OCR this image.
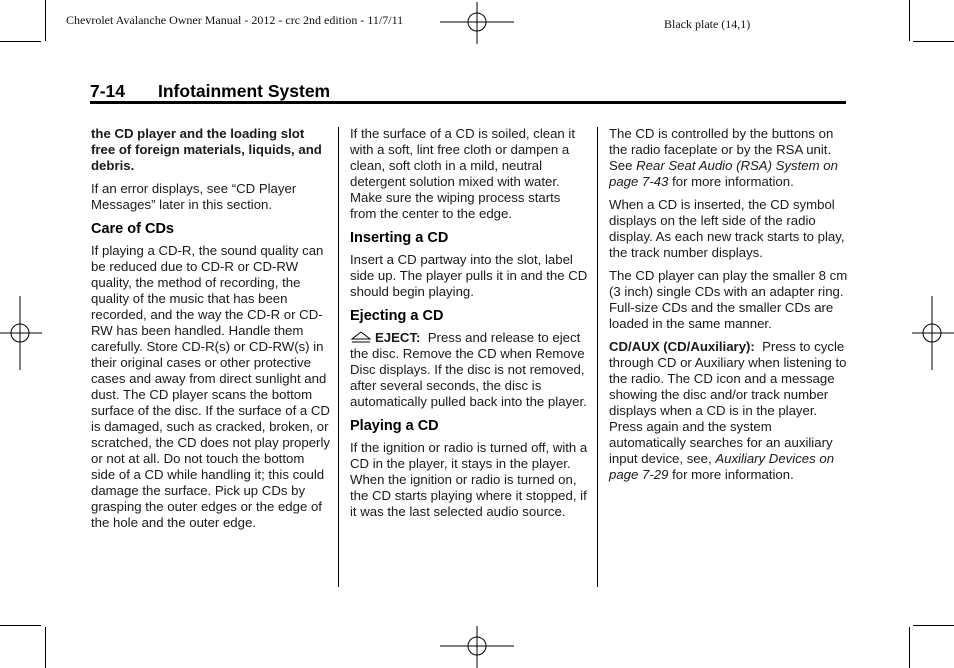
Chevrolet Avalanche Owner Manual - 2012 - crc 2nd edition - 11/7/11	Black plate (14,1)
7-14 Infotainment System

the CD player and the loading slot free of foreign materials, liquids, and debris.

If an error displays, see “CD Player Messages” later in this section.

Care of CDs

If playing a CD-R, the sound quality can be reduced due to CD-R or CD-RW quality, the method of recording, the quality of the music that has been recorded, and the way the CD-R or CD-RW has been handled. Handle them carefully. Store CD-R(s) or CD-RW(s) in their original cases or other protective cases and away from direct sunlight and dust. The CD player scans the bottom surface of the disc. If the surface of a CD is damaged, such as cracked, broken, or scratched, the CD does not play properly or not at all. Do not touch the bottom side of a CD while handling it; this could damage the surface. Pick up CDs by grasping the outer edges or the edge of the hole and the outer edge.

If the surface of a CD is soiled, clean it with a soft, lint free cloth or dampen a clean, soft cloth in a mild, neutral detergent solution mixed with water. Make sure the wiping process starts from the center to the edge.

Inserting a CD

Insert a CD partway into the slot, label side up. The player pulls it in and the CD should begin playing.

Ejecting a CD

EJECT: Press and release to eject the disc. Remove the CD when Remove Disc displays. If the disc is not removed, after several seconds, the disc is automatically pulled back into the player.

Playing a CD

If the ignition or radio is turned off, with a CD in the player, it stays in the player. When the ignition or radio is turned on, the CD starts playing where it stopped, if it was the last selected audio source.

The CD is controlled by the buttons on the radio faceplate or by the RSA unit. See Rear Seat Audio (RSA) System on page 7-43 for more information.

When a CD is inserted, the CD symbol displays on the left side of the radio display. As each new track starts to play, the track number displays.

The CD player can play the smaller 8 cm (3 inch) single CDs with an adapter ring. Full-size CDs and the smaller CDs are loaded in the same manner.

CD/AUX (CD/Auxiliary): Press to cycle through CD or Auxiliary when listening to the radio. The CD icon and a message showing the disc and/or track number displays when a CD is in the player. Press again and the system automatically searches for an auxiliary input device, see, Auxiliary Devices on page 7-29 for more information.
